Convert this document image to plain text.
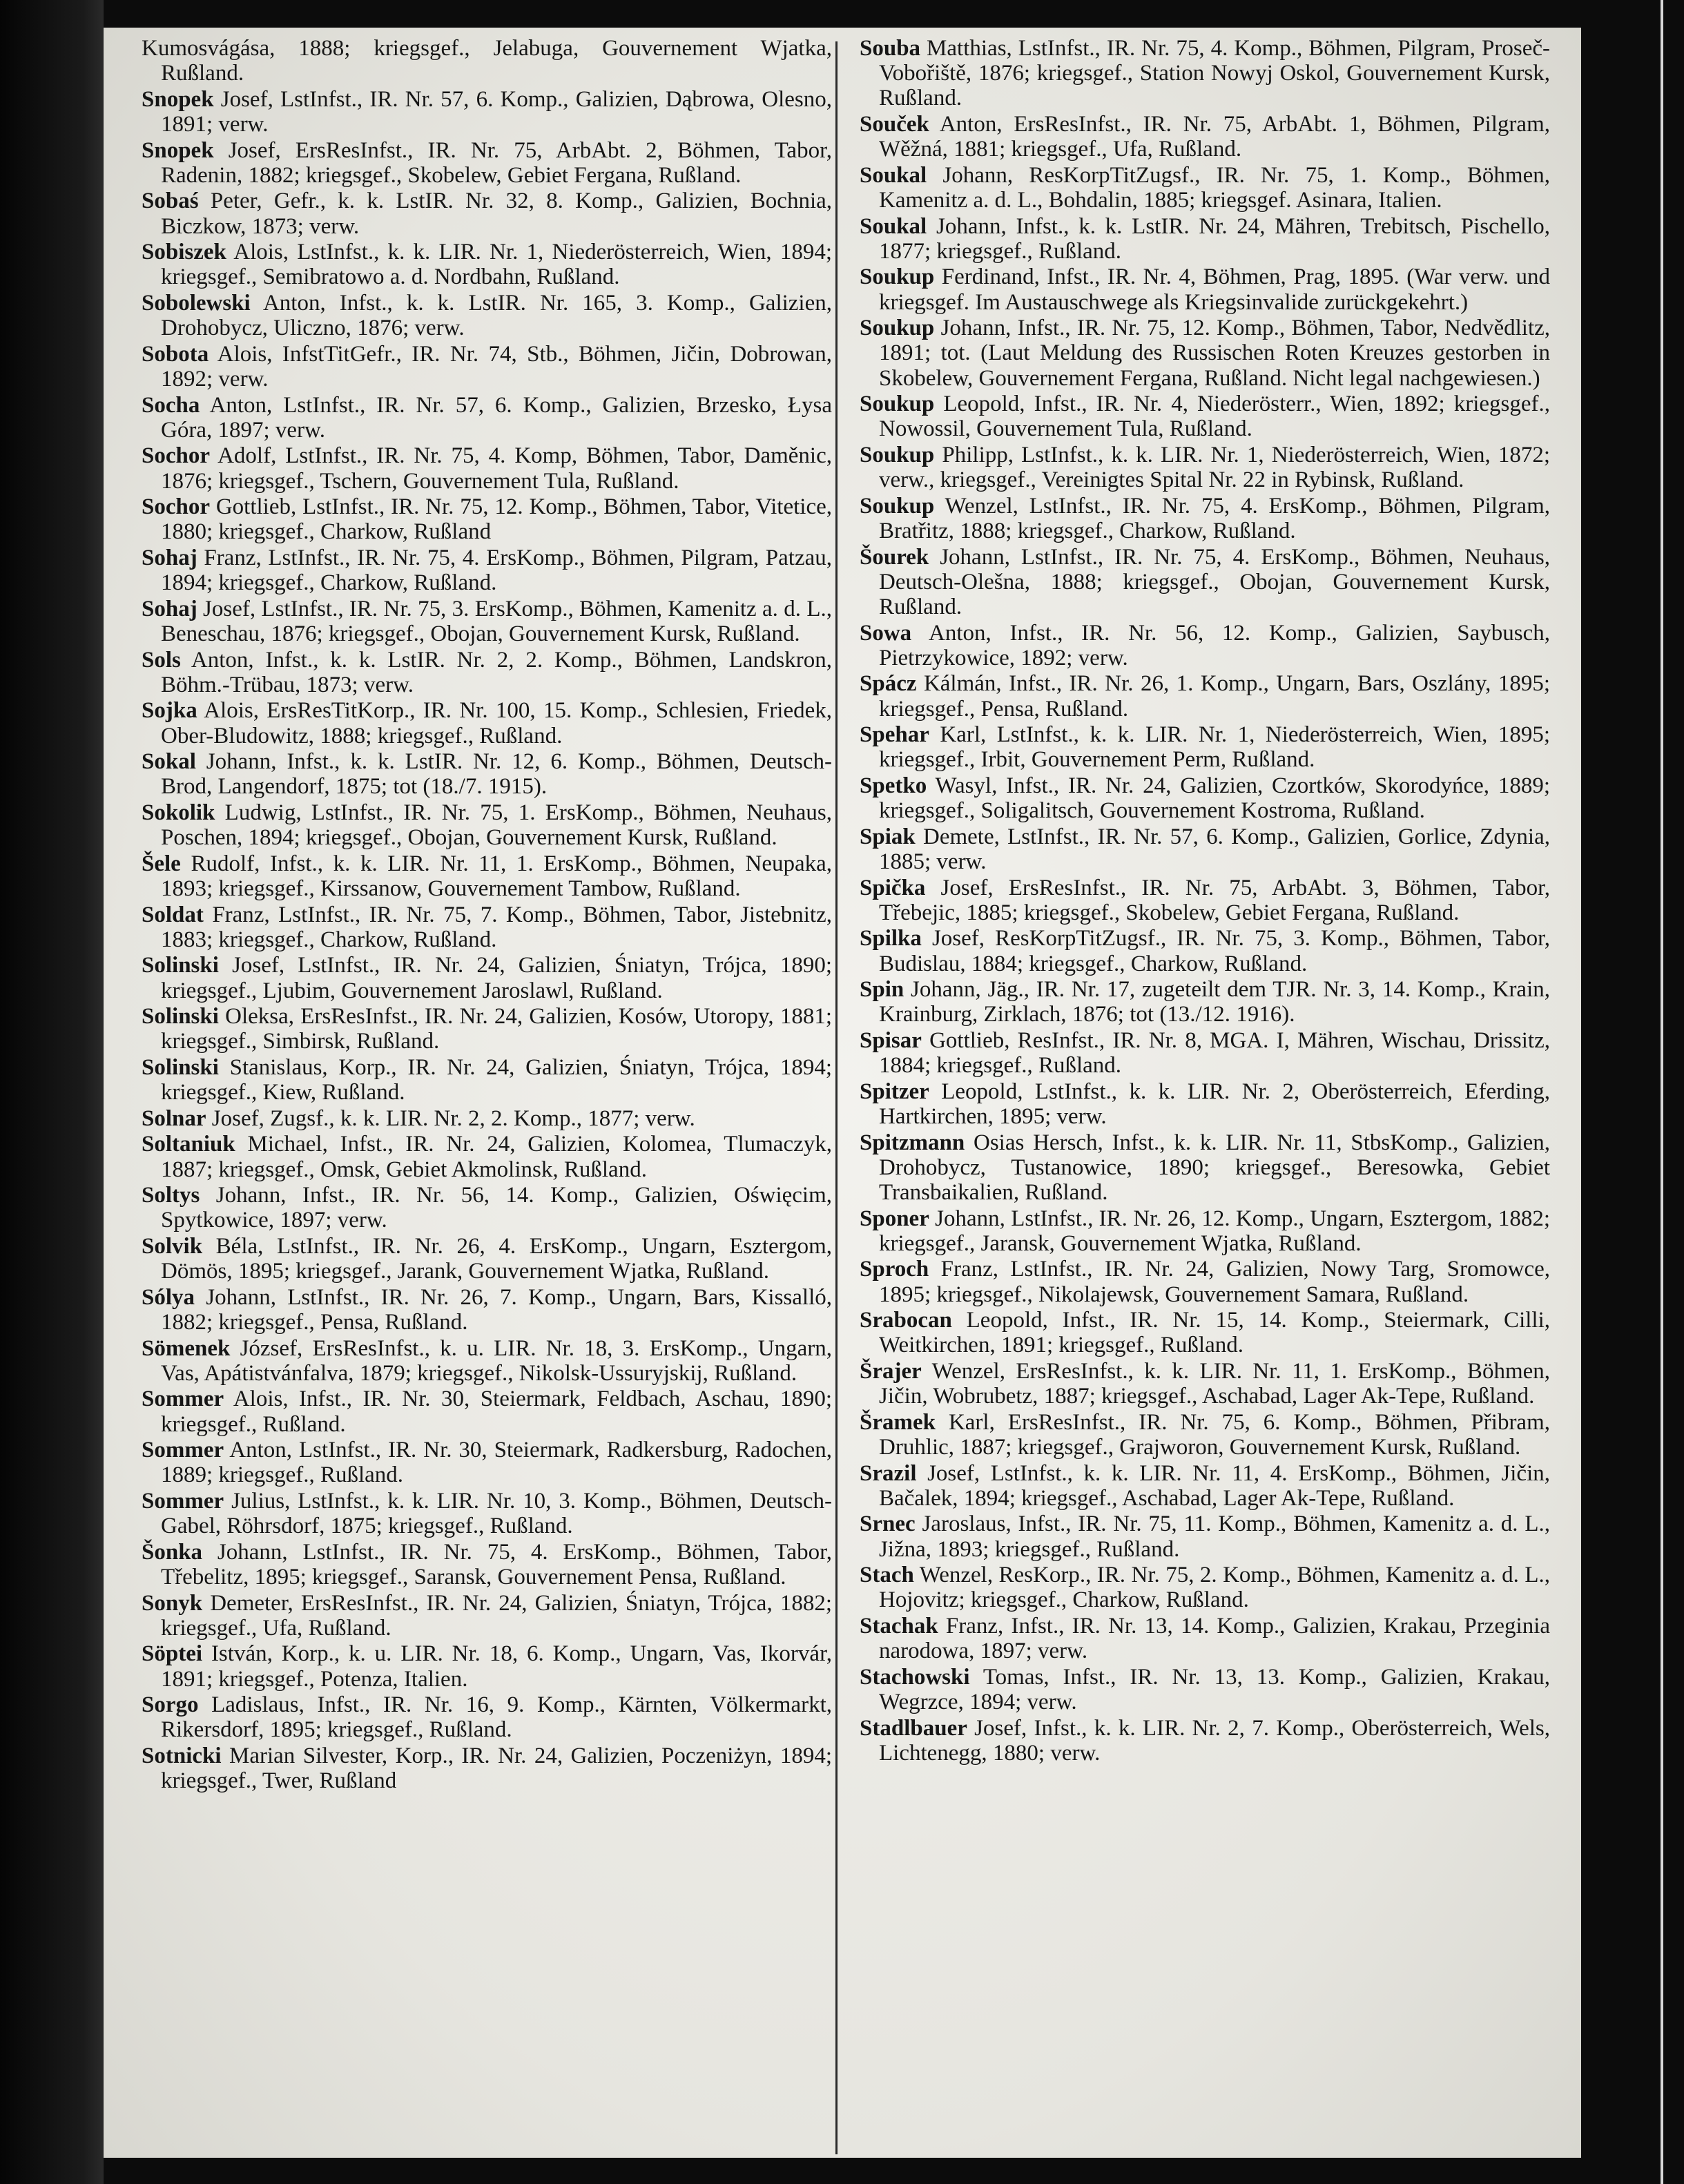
Kumosvágása, 1888; kriegsgef., Jelabuga, Gouvernement Wjatka, Rußland.

Snopek Josef, LstInfst., IR. Nr. 57, 6. Komp., Galizien, Dąbrowa, Olesno, 1891; verw.

Snopek Josef, ErsResInfst., IR. Nr. 75, ArbAbt. 2, Böhmen, Tabor, Radenin, 1882; kriegsgef., Skobelew, Gebiet Fergana, Rußland.

Sobaś Peter, Gefr., k. k. LstIR. Nr. 32, 8. Komp., Galizien, Bochnia, Biczkow, 1873; verw.

Sobiszek Alois, LstInfst., k. k. LIR. Nr. 1, Niederösterreich, Wien, 1894; kriegsgef., Semibratowo a. d. Nordbahn, Rußland.

Sobolewski Anton, Infst., k. k. LstIR. Nr. 165, 3. Komp., Galizien, Drohobycz, Uliczno, 1876; verw.

Sobota Alois, InfstTitGefr., IR. Nr. 74, Stb., Böhmen, Jičin, Dobrowan, 1892; verw.

Socha Anton, LstInfst., IR. Nr. 57, 6. Komp., Galizien, Brzesko, Łysa Góra, 1897; verw.

Sochor Adolf, LstInfst., IR. Nr. 75, 4. Komp, Böhmen, Tabor, Daměnic, 1876; kriegsgef., Tschern, Gouvernement Tula, Rußland.

Sochor Gottlieb, LstInfst., IR. Nr. 75, 12. Komp., Böhmen, Tabor, Vitetice, 1880; kriegsgef., Charkow, Rußland

Sohaj Franz, LstInfst., IR. Nr. 75, 4. ErsKomp., Böhmen, Pilgram, Patzau, 1894; kriegsgef., Charkow, Rußland.

Sohaj Josef, LstInfst., IR. Nr. 75, 3. ErsKomp., Böhmen, Kamenitz a. d. L., Beneschau, 1876; kriegsgef., Obojan, Gouvernement Kursk, Rußland.

Sols Anton, Infst., k. k. LstIR. Nr. 2, 2. Komp., Böhmen, Landskron, Böhm.-Trübau, 1873; verw.

Sojka Alois, ErsResTitKorp., IR. Nr. 100, 15. Komp., Schlesien, Friedek, Ober-Bludowitz, 1888; kriegsgef., Rußland.

Sokal Johann, Infst., k. k. LstIR. Nr. 12, 6. Komp., Böhmen, Deutsch-Brod, Langendorf, 1875; tot (18./7. 1915).

Sokolik Ludwig, LstInfst., IR. Nr. 75, 1. ErsKomp., Böhmen, Neuhaus, Poschen, 1894; kriegsgef., Obojan, Gouvernement Kursk, Rußland.

Šele Rudolf, Infst., k. k. LIR. Nr. 11, 1. ErsKomp., Böhmen, Neupaka, 1893; kriegsgef., Kirssanow, Gouvernement Tambow, Rußland.

Soldat Franz, LstInfst., IR. Nr. 75, 7. Komp., Böhmen, Tabor, Jistebnitz, 1883; kriegsgef., Charkow, Rußland.

Solinski Josef, LstInfst., IR. Nr. 24, Galizien, Śniatyn, Trójca, 1890; kriegsgef., Ljubim, Gouvernement Jaroslawl, Rußland.

Solinski Oleksa, ErsResInfst., IR. Nr. 24, Galizien, Kosów, Utoropy, 1881; kriegsgef., Simbirsk, Rußland.

Solinski Stanislaus, Korp., IR. Nr. 24, Galizien, Śniatyn, Trójca, 1894; kriegsgef., Kiew, Rußland.

Solnar Josef, Zugsf., k. k. LIR. Nr. 2, 2. Komp., 1877; verw.

Soltaniuk Michael, Infst., IR. Nr. 24, Galizien, Kolomea, Tlumaczyk, 1887; kriegsgef., Omsk, Gebiet Akmolinsk, Rußland.

Soltys Johann, Infst., IR. Nr. 56, 14. Komp., Galizien, Oświęcim, Spytkowice, 1897; verw.

Solvik Béla, LstInfst., IR. Nr. 26, 4. ErsKomp., Ungarn, Esztergom, Dömös, 1895; kriegsgef., Jarank, Gouvernement Wjatka, Rußland.

Sólya Johann, LstInfst., IR. Nr. 26, 7. Komp., Ungarn, Bars, Kissalló, 1882; kriegsgef., Pensa, Rußland.

Sömenek József, ErsResInfst., k. u. LIR. Nr. 18, 3. ErsKomp., Ungarn, Vas, Apátistvánfalva, 1879; kriegsgef., Nikolsk-Ussuryjskij, Rußland.

Sommer Alois, Infst., IR. Nr. 30, Steiermark, Feldbach, Aschau, 1890; kriegsgef., Rußland.

Sommer Anton, LstInfst., IR. Nr. 30, Steiermark, Radkersburg, Radochen, 1889; kriegsgef., Rußland.

Sommer Julius, LstInfst., k. k. LIR. Nr. 10, 3. Komp., Böhmen, Deutsch-Gabel, Röhrsdorf, 1875; kriegsgef., Rußland.

Šonka Johann, LstInfst., IR. Nr. 75, 4. ErsKomp., Böhmen, Tabor, Třebelitz, 1895; kriegsgef., Saransk, Gouvernement Pensa, Rußland.

Sonyk Demeter, ErsResInfst., IR. Nr. 24, Galizien, Śniatyn, Trójca, 1882; kriegsgef., Ufa, Rußland.

Söptei István, Korp., k. u. LIR. Nr. 18, 6. Komp., Ungarn, Vas, Ikorvár, 1891; kriegsgef., Potenza, Italien.

Sorgo Ladislaus, Infst., IR. Nr. 16, 9. Komp., Kärnten, Völkermarkt, Rikersdorf, 1895; kriegsgef., Rußland.

Sotnicki Marian Silvester, Korp., IR. Nr. 24, Galizien, Poczeniżyn, 1894; kriegsgef., Twer, Rußland

Souba Matthias, LstInfst., IR. Nr. 75, 4. Komp., Böhmen, Pilgram, Proseč-Vobořiště, 1876; kriegsgef., Station Nowyj Oskol, Gouvernement Kursk, Rußland.

Souček Anton, ErsResInfst., IR. Nr. 75, ArbAbt. 1, Böhmen, Pilgram, Wěžná, 1881; kriegsgef., Ufa, Rußland.

Soukal Johann, ResKorpTitZugsf., IR. Nr. 75, 1. Komp., Böhmen, Kamenitz a. d. L., Bohdalin, 1885; kriegsgef. Asinara, Italien.

Soukal Johann, Infst., k. k. LstIR. Nr. 24, Mähren, Trebitsch, Pischello, 1877; kriegsgef., Rußland.

Soukup Ferdinand, Infst., IR. Nr. 4, Böhmen, Prag, 1895. (War verw. und kriegsgef. Im Austauschwege als Kriegsinvalide zurückgekehrt.)

Soukup Johann, Infst., IR. Nr. 75, 12. Komp., Böhmen, Tabor, Nedvědlitz, 1891; tot. (Laut Meldung des Russischen Roten Kreuzes gestorben in Skobelew, Gouvernement Fergana, Rußland. Nicht legal nachgewiesen.)

Soukup Leopold, Infst., IR. Nr. 4, Niederösterr., Wien, 1892; kriegsgef., Nowossil, Gouvernement Tula, Rußland.

Soukup Philipp, LstInfst., k. k. LIR. Nr. 1, Niederösterreich, Wien, 1872; verw., kriegsgef., Vereinigtes Spital Nr. 22 in Rybinsk, Rußland.

Soukup Wenzel, LstInfst., IR. Nr. 75, 4. ErsKomp., Böhmen, Pilgram, Bratřitz, 1888; kriegsgef., Charkow, Rußland.

Šourek Johann, LstInfst., IR. Nr. 75, 4. ErsKomp., Böhmen, Neuhaus, Deutsch-Olešna, 1888; kriegsgef., Obojan, Gouvernement Kursk, Rußland.

Sowa Anton, Infst., IR. Nr. 56, 12. Komp., Galizien, Saybusch, Pietrzykowice, 1892; verw.

Spácz Kálmán, Infst., IR. Nr. 26, 1. Komp., Ungarn, Bars, Oszlány, 1895; kriegsgef., Pensa, Rußland.

Spehar Karl, LstInfst., k. k. LIR. Nr. 1, Niederösterreich, Wien, 1895; kriegsgef., Irbit, Gouvernement Perm, Rußland.

Spetko Wasyl, Infst., IR. Nr. 24, Galizien, Czortków, Skorodyńce, 1889; kriegsgef., Soligalitsch, Gouvernement Kostroma, Rußland.

Spiak Demete, LstInfst., IR. Nr. 57, 6. Komp., Galizien, Gorlice, Zdynia, 1885; verw.

Spička Josef, ErsResInfst., IR. Nr. 75, ArbAbt. 3, Böhmen, Tabor, Třebejic, 1885; kriegsgef., Skobelew, Gebiet Fergana, Rußland.

Spilka Josef, ResKorpTitZugsf., IR. Nr. 75, 3. Komp., Böhmen, Tabor, Budislau, 1884; kriegsgef., Charkow, Rußland.

Spin Johann, Jäg., IR. Nr. 17, zugeteilt dem TJR. Nr. 3, 14. Komp., Krain, Krainburg, Zirklach, 1876; tot (13./12. 1916).

Spisar Gottlieb, ResInfst., IR. Nr. 8, MGA. I, Mähren, Wischau, Drissitz, 1884; kriegsgef., Rußland.

Spitzer Leopold, LstInfst., k. k. LIR. Nr. 2, Oberösterreich, Eferding, Hartkirchen, 1895; verw.

Spitzmann Osias Hersch, Infst., k. k. LIR. Nr. 11, StbsKomp., Galizien, Drohobycz, Tustanowice, 1890; kriegsgef., Beresowka, Gebiet Transbaikalien, Rußland.

Sponer Johann, LstInfst., IR. Nr. 26, 12. Komp., Ungarn, Esztergom, 1882; kriegsgef., Jaransk, Gouvernement Wjatka, Rußland.

Sproch Franz, LstInfst., IR. Nr. 24, Galizien, Nowy Targ, Sromowce, 1895; kriegsgef., Nikolajewsk, Gouvernement Samara, Rußland.

Srabocan Leopold, Infst., IR. Nr. 15, 14. Komp., Steiermark, Cilli, Weitkirchen, 1891; kriegsgef., Rußland.

Šrajer Wenzel, ErsResInfst., k. k. LIR. Nr. 11, 1. ErsKomp., Böhmen, Jičin, Wobrubetz, 1887; kriegsgef., Aschabad, Lager Ak-Tepe, Rußland.

Šramek Karl, ErsResInfst., IR. Nr. 75, 6. Komp., Böhmen, Přibram, Druhlic, 1887; kriegsgef., Grajworon, Gouvernement Kursk, Rußland.

Srazil Josef, LstInfst., k. k. LIR. Nr. 11, 4. ErsKomp., Böhmen, Jičin, Bačalek, 1894; kriegsgef., Aschabad, Lager Ak-Tepe, Rußland.

Srnec Jaroslaus, Infst., IR. Nr. 75, 11. Komp., Böhmen, Kamenitz a. d. L., Jižna, 1893; kriegsgef., Rußland.

Stach Wenzel, ResKorp., IR. Nr. 75, 2. Komp., Böhmen, Kamenitz a. d. L., Hojovitz; kriegsgef., Charkow, Rußland.

Stachak Franz, Infst., IR. Nr. 13, 14. Komp., Galizien, Krakau, Przeginia narodowa, 1897; verw.

Stachowski Tomas, Infst., IR. Nr. 13, 13. Komp., Galizien, Krakau, Wegrzce, 1894; verw.

Stadlbauer Josef, Infst., k. k. LIR. Nr. 2, 7. Komp., Oberösterreich, Wels, Lichtenegg, 1880; verw.
